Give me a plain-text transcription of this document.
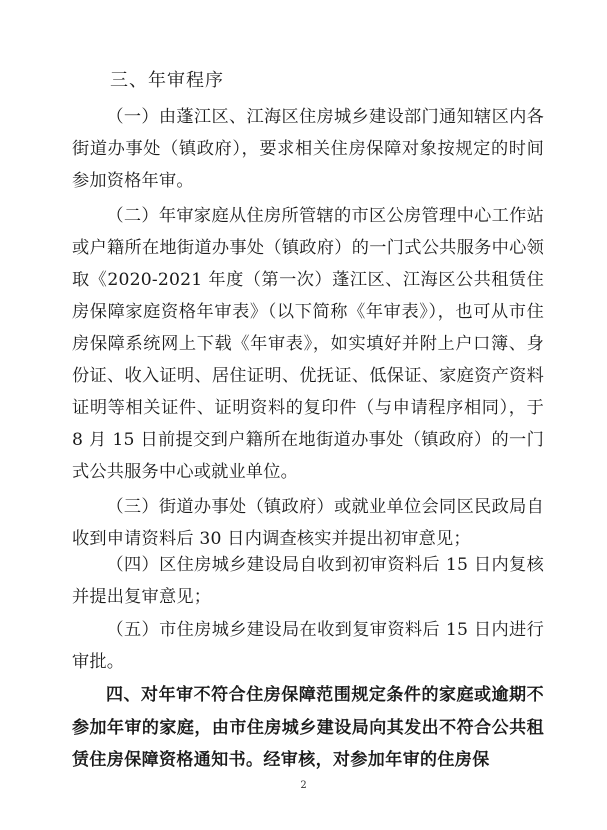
三、年审程序

（一）由蓬江区、江海区住房城乡建设部门通知辖区内各街道办事处（镇政府），要求相关住房保障对象按规定的时间参加资格年审。

（二）年审家庭从住房所管辖的市区公房管理中心工作站或户籍所在地街道办事处（镇政府）的一门式公共服务中心领取《2020-2021 年度（第一次）蓬江区、江海区公共租赁住房保障家庭资格年审表》（以下简称《年审表》），也可从市住房保障系统网上下载《年审表》，如实填好并附上户口簿、身份证、收入证明、居住证明、优抚证、低保证、家庭资产资料证明等相关证件、证明资料的复印件（与申请程序相同），于 8 月 15 日前提交到户籍所在地街道办事处（镇政府）的一门式公共服务中心或就业单位。

（三）街道办事处（镇政府）或就业单位会同区民政局自收到申请资料后 30 日内调查核实并提出初审意见；

（四）区住房城乡建设局自收到初审资料后 15 日内复核并提出复审意见；

（五）市住房城乡建设局在收到复审资料后 15 日内进行审批。

四、对年审不符合住房保障范围规定条件的家庭或逾期不参加年审的家庭，由市住房城乡建设局向其发出不符合公共租赁住房保障资格通知书。经审核，对参加年审的住房保

2
